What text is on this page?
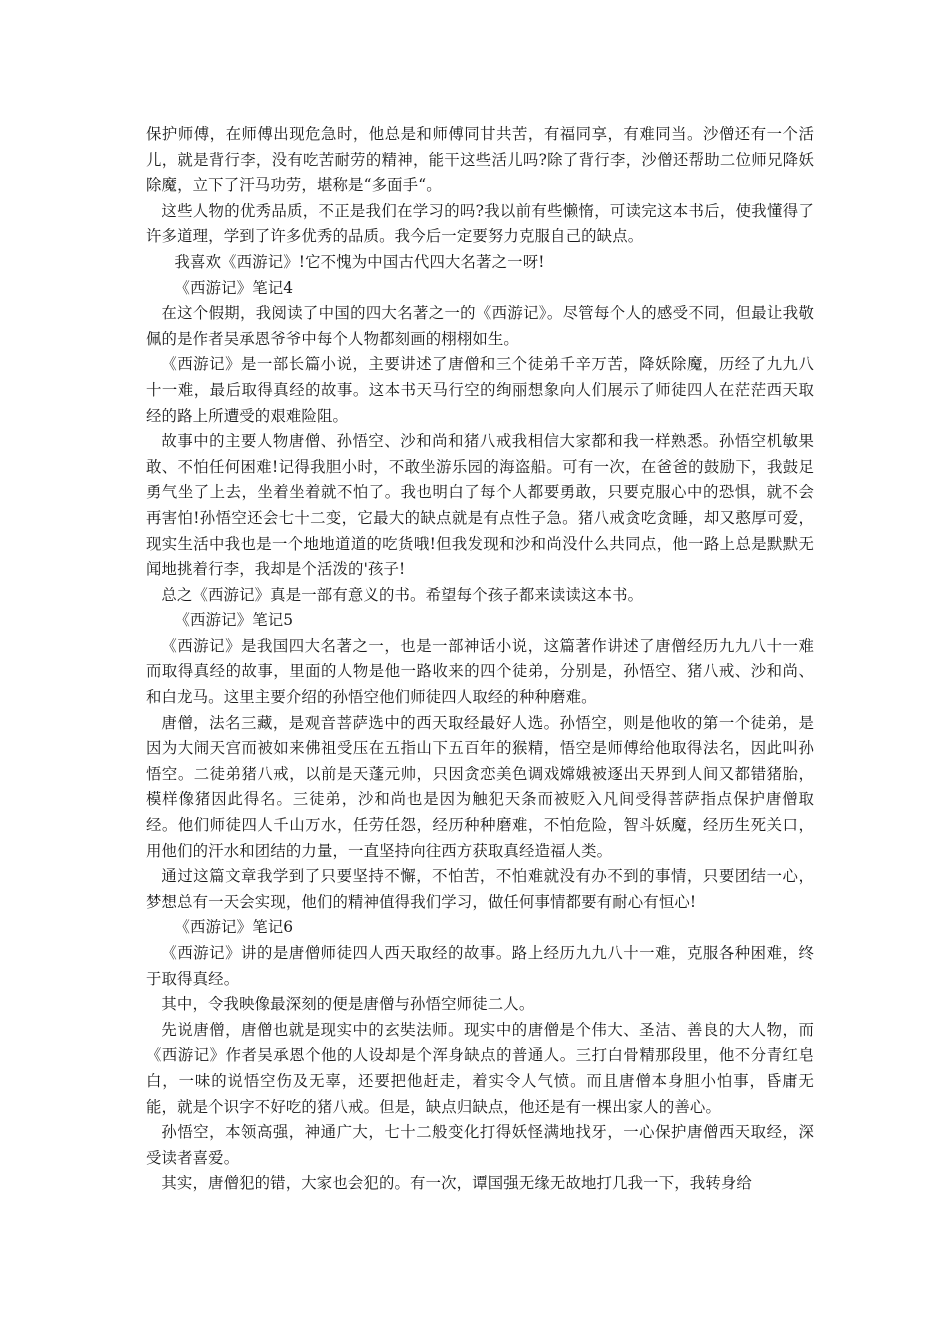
保护师傅，在师傅出现危急时，他总是和师傅同甘共苦，有福同享，有难同当。沙僧还有一个活儿，就是背行李，没有吃苦耐劳的精神，能干这些活儿吗?除了背行李，沙僧还帮助二位师兄降妖除魔，立下了汗马功劳，堪称是“多面手“。

这些人物的优秀品质，不正是我们在学习的吗?我以前有些懒惰，可读完这本书后，使我懂得了许多道理，学到了许多优秀的品质。我今后一定要努力克服自己的缺点。

我喜欢《西游记》!它不愧为中国古代四大名著之一呀!

《西游记》笔记4

在这个假期，我阅读了中国的四大名著之一的《西游记》。尽管每个人的感受不同，但最让我敬佩的是作者吴承恩爷爷中每个人物都刻画的栩栩如生。

《西游记》是一部长篇小说，主要讲述了唐僧和三个徒弟千辛万苦，降妖除魔，历经了九九八十一难，最后取得真经的故事。这本书天马行空的绚丽想象向人们展示了师徒四人在茫茫西天取经的路上所遭受的艰难险阻。

故事中的主要人物唐僧、孙悟空、沙和尚和猪八戒我相信大家都和我一样熟悉。孙悟空机敏果敢、不怕任何困难!记得我胆小时，不敢坐游乐园的海盗船。可有一次，在爸爸的鼓励下，我鼓足勇气坐了上去，坐着坐着就不怕了。我也明白了每个人都要勇敢，只要克服心中的恐惧，就不会再害怕!孙悟空还会七十二变，它最大的缺点就是有点性子急。猪八戒贪吃贪睡，却又憨厚可爱，现实生活中我也是一个地地道道的吃货哦!但我发现和沙和尚没什么共同点，他一路上总是默默无闻地挑着行李，我却是个活泼的'孩子!

总之《西游记》真是一部有意义的书。希望每个孩子都来读读这本书。

《西游记》笔记5

《西游记》是我国四大名著之一，也是一部神话小说，这篇著作讲述了唐僧经历九九八十一难而取得真经的故事，里面的人物是他一路收来的四个徒弟，分别是，孙悟空、猪八戒、沙和尚、和白龙马。这里主要介绍的孙悟空他们师徒四人取经的种种磨难。

唐僧，法名三藏，是观音菩萨选中的西天取经最好人选。孙悟空，则是他收的第一个徒弟，是因为大闹天宫而被如来佛祖受压在五指山下五百年的猴精，悟空是师傅给他取得法名，因此叫孙悟空。二徒弟猪八戒，以前是天蓬元帅，只因贪恋美色调戏嫦娥被逐出天界到人间又都错猪胎，模样像猪因此得名。三徒弟，沙和尚也是因为触犯天条而被贬入凡间受得菩萨指点保护唐僧取经。他们师徒四人千山万水，任劳任怨，经历种种磨难，不怕危险，智斗妖魔，经历生死关口，用他们的汗水和团结的力量，一直坚持向往西方获取真经造福人类。

通过这篇文章我学到了只要坚持不懈，不怕苦，不怕难就没有办不到的事情，只要团结一心，梦想总有一天会实现，他们的精神值得我们学习，做任何事情都要有耐心有恒心!

《西游记》笔记6

《西游记》讲的是唐僧师徒四人西天取经的故事。路上经历九九八十一难，克服各种困难，终于取得真经。

其中，令我映像最深刻的便是唐僧与孙悟空师徒二人。

先说唐僧，唐僧也就是现实中的玄奘法师。现实中的唐僧是个伟大、圣洁、善良的大人物，而《西游记》作者吴承恩个他的人设却是个浑身缺点的普通人。三打白骨精那段里，他不分青红皂白，一味的说悟空伤及无辜，还要把他赶走，着实令人气愤。而且唐僧本身胆小怕事，昏庸无能，就是个识字不好吃的猪八戒。但是，缺点归缺点，他还是有一棵出家人的善心。

孙悟空，本领高强，神通广大，七十二般变化打得妖怪满地找牙，一心保护唐僧西天取经，深受读者喜爱。

其实，唐僧犯的错，大家也会犯的。有一次，谭国强无缘无故地打几我一下，我转身给
